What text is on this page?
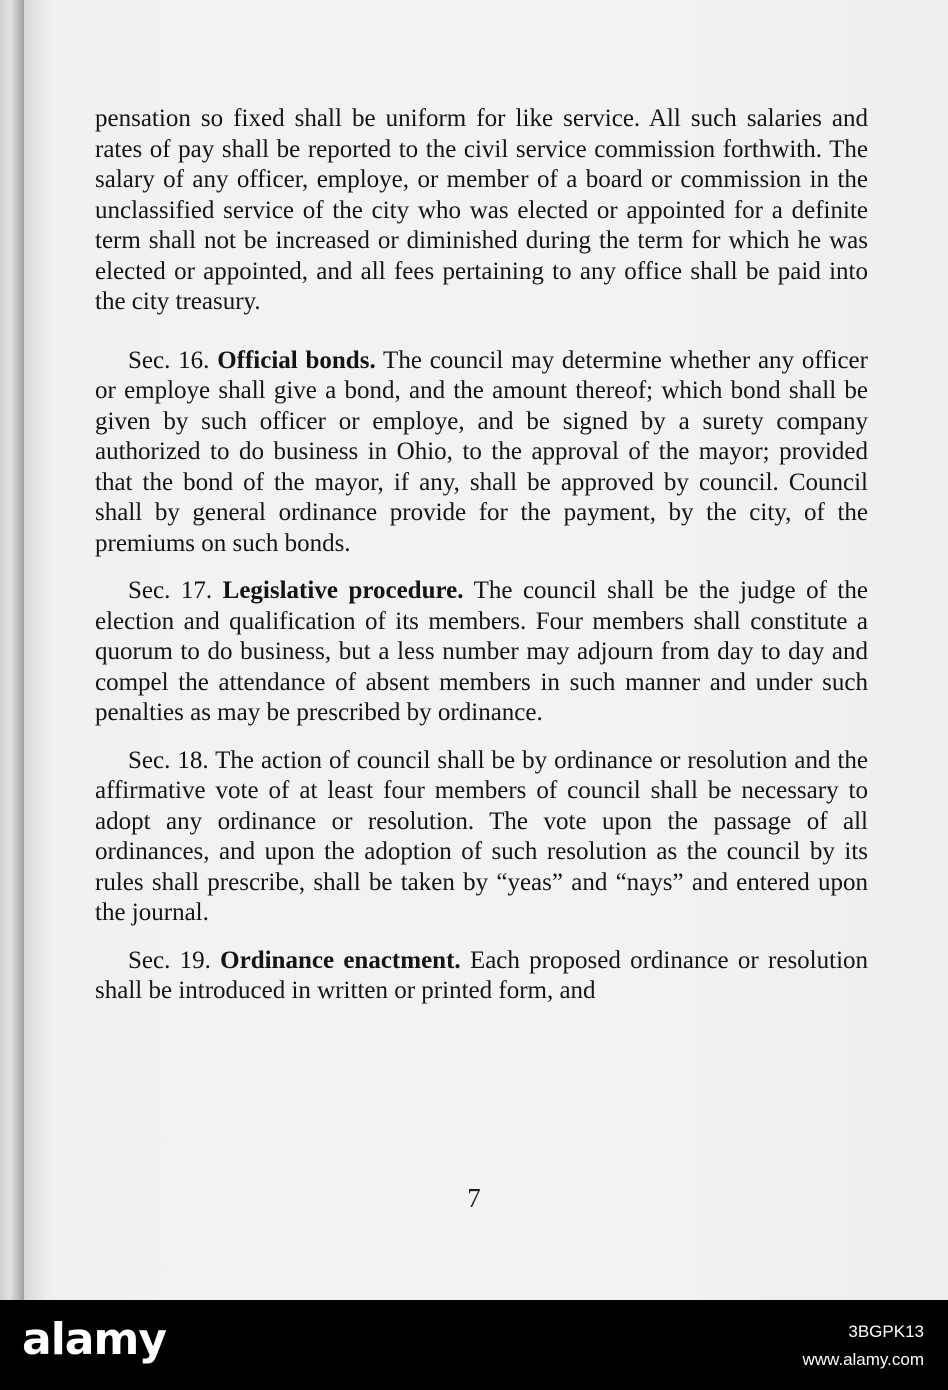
pensation so fixed shall be uniform for like service. All such salaries and rates of pay shall be reported to the civil service commission forthwith. The salary of any officer, employe, or member of a board or commission in the unclassified service of the city who was elected or appointed for a definite term shall not be increased or diminished during the term for which he was elected or appointed, and all fees pertaining to any office shall be paid into the city treasury.

Sec. 16. Official bonds. The council may determine whether any officer or employe shall give a bond, and the amount thereof; which bond shall be given by such officer or employe, and be signed by a surety company authorized to do business in Ohio, to the approval of the mayor; provided that the bond of the mayor, if any, shall be approved by council. Council shall by general ordinance provide for the payment, by the city, of the premiums on such bonds.

Sec. 17. Legislative procedure. The council shall be the judge of the election and qualification of its members. Four members shall constitute a quorum to do business, but a less number may adjourn from day to day and compel the attendance of absent members in such manner and under such penalties as may be prescribed by ordinance.

Sec. 18. The action of council shall be by ordinance or resolution and the affirmative vote of at least four members of council shall be necessary to adopt any ordinance or resolution. The vote upon the passage of all ordinances, and upon the adoption of such resolution as the council by its rules shall prescribe, shall be taken by “yeas” and “nays” and entered upon the journal.

Sec. 19. Ordinance enactment. Each proposed ordinance or resolution shall be introduced in written or printed form, and

7
alamy	3BGPK13
www.alamy.com
